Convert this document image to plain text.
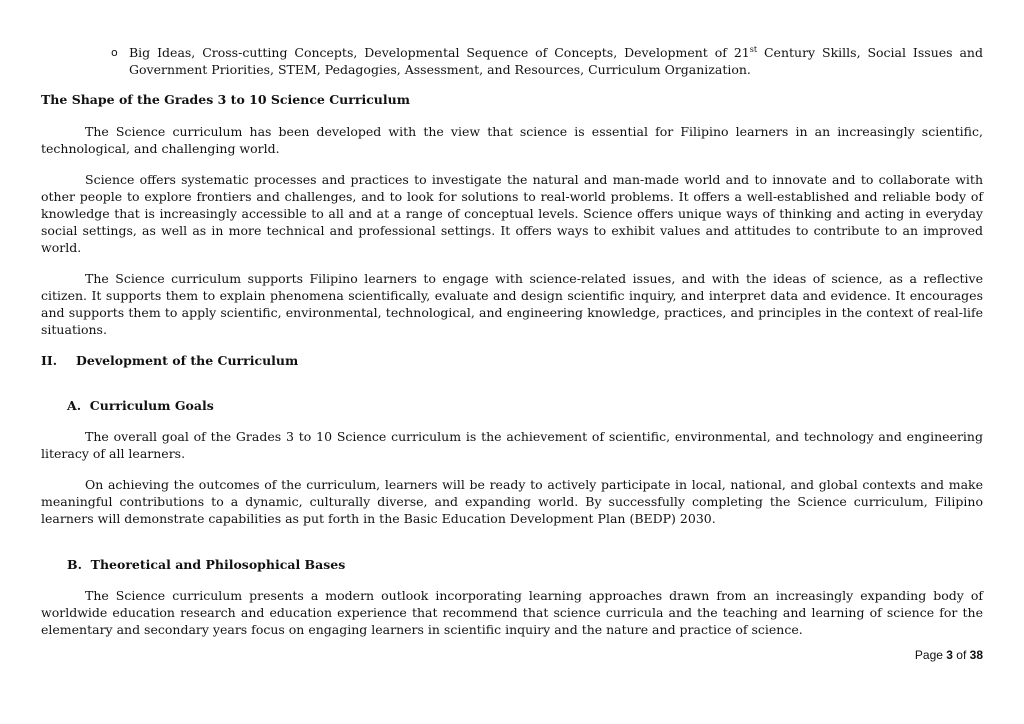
o Big Ideas, Cross-cutting Concepts, Developmental Sequence of Concepts, Development of 21st Century Skills, Social Issues and Government Priorities, STEM, Pedagogies, Assessment, and Resources, Curriculum Organization.
The Shape of the Grades 3 to 10 Science Curriculum
The Science curriculum has been developed with the view that science is essential for Filipino learners in an increasingly scientific, technological, and challenging world.
Science offers systematic processes and practices to investigate the natural and man-made world and to innovate and to collaborate with other people to explore frontiers and challenges, and to look for solutions to real-world problems. It offers a well-established and reliable body of knowledge that is increasingly accessible to all and at a range of conceptual levels. Science offers unique ways of thinking and acting in everyday social settings, as well as in more technical and professional settings. It offers ways to exhibit values and attitudes to contribute to an improved world.
The Science curriculum supports Filipino learners to engage with science-related issues, and with the ideas of science, as a reflective citizen. It supports them to explain phenomena scientifically, evaluate and design scientific inquiry, and interpret data and evidence. It encourages and supports them to apply scientific, environmental, technological, and engineering knowledge, practices, and principles in the context of real-life situations.
II. Development of the Curriculum
A. Curriculum Goals
The overall goal of the Grades 3 to 10 Science curriculum is the achievement of scientific, environmental, and technology and engineering literacy of all learners.
On achieving the outcomes of the curriculum, learners will be ready to actively participate in local, national, and global contexts and make meaningful contributions to a dynamic, culturally diverse, and expanding world. By successfully completing the Science curriculum, Filipino learners will demonstrate capabilities as put forth in the Basic Education Development Plan (BEDP) 2030.
B. Theoretical and Philosophical Bases
The Science curriculum presents a modern outlook incorporating learning approaches drawn from an increasingly expanding body of worldwide education research and education experience that recommend that science curricula and the teaching and learning of science for the elementary and secondary years focus on engaging learners in scientific inquiry and the nature and practice of science.
Page 3 of 38
